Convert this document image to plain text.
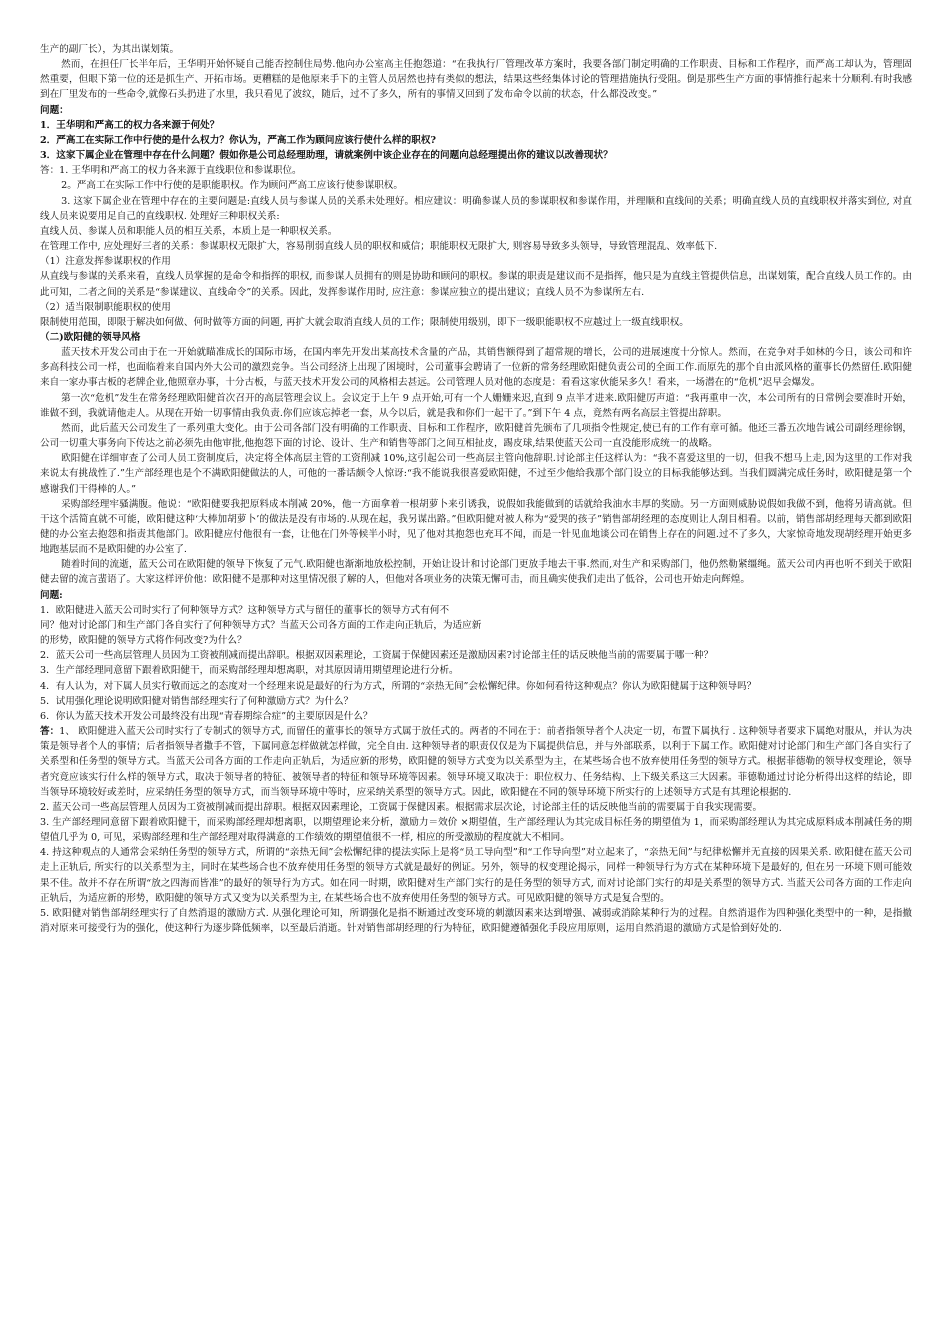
生产的副厂长），为其出谋划策。

然而，在担任厂长半年后，王华明开始怀疑自己能否控制住局势.他向办公室高主任抱怨道：“在我执行厂管理改革方案时，我要各部门制定明确的工作职责、目标和工作程序，而严高工却认为，管理固然重要，但眼下第一位的还是抓生产、开拓市场。更糟糕的是他原来手下的主管人员居然也持有类似的想法，结果这些经集体讨论的管理措施执行受阻。倒是那些生产方面的事情推行起来十分顺利.有时我感到在厂里发布的一些命令,就像石头扔进了水里，我只看见了波纹，随后，过不了多久，所有的事情又回到了发布命令以前的状态，什么都没改变。”

问题：

1．王华明和严高工的权力各来源于何处？

2．严高工在实际工作中行使的是什么权力？你认为，严高工作为顾问应该行使什么样的职权?

3．这家下属企业在管理中存在什么问题？假如你是公司总经理助理，请就案例中该企业存在的问题向总经理提出你的建议以改善现状？

答：1. 王华明和严高工的权力各来源于直线职位和参谋职位。

2。严高工在实际工作中行使的是职能职权。作为顾问严高工应该行使参谋职权。

3. 这家下属企业在管理中存在的主要问题是:直线人员与参谋人员的关系未处理好。相应建议：明确参谋人员的参谋职权和参谋作用，并理顺和直线间的关系；明确直线人员的直线职权并落实到位, 对直线人员来说要用足自己的直线职权. 处理好三种职权关系:

直线人员、参谋人员和职能人员的相互关系，本质上是一种职权关系。

在管理工作中, 应处理好三者的关系：参谋职权无限扩大，容易削弱直线人员的职权和威信；职能职权无限扩大, 则容易导致多头领导，导致管理混乱、效率低下.

（1）注意发挥参谋职权的作用

从直线与参谋的关系来看，直线人员掌握的是命令和指挥的职权, 而参谋人员拥有的则是协助和顾问的职权。参谋的职责是建议而不是指挥，他只是为直线主管提供信息，出谋划策，配合直线人员工作的。由此可知，二者之间的关系是“参谋建议、直线命令”的关系。因此，发挥参谋作用时, 应注意：参谋应独立的提出建议；直线人员不为参谋所左右.

（2）适当限制职能职权的使用

限制使用范围，即限于解决如何做、何时做等方面的问题, 再扩大就会取消直线人员的工作；限制使用级别，即下一级职能职权不应越过上一级直线职权。

（二)欧阳健的领导风格

蓝天技术开发公司由于在一开始就瞄准成长的国际市场，在国内率先开发出某高技术含量的产品，其销售额得到了超常规的增长，公司的进展速度十分惊人。然而，在竞争对手如林的今日，该公司和许多高科技公司一样，也面临着来自国内外大公司的激烈竞争。当公司经济上出现了困境时，公司董事会聘请了一位新的常务经理欧阳健负责公司的全面工作.而原先的那个自由派风格的董事长仍然留任.欧阳健来自一家办事古板的老牌企业,他照章办事，十分古板，与蓝天技术开发公司的风格相去甚远。公司管理人员对他的态度是：看看这家伙能呆多久！看来，一场潜在的“危机”迟早会爆发。

第一次“危机”发生在常务经理欧阳健首次召开的高层管理会议上。会议定于上午 9 点开始,可有一个人姗姗来迟,直到 9 点半才进来.欧阳健厉声道：“我再重申一次，本公司所有的日常例会要准时开始，谁做不到，我就请他走人。从现在开始一切事情由我负责.你们应该忘掉老一套，从今以后，就是我和你们一起干了。”到下午 4 点，竟然有两名高层主管提出辞职。

然而，此后蓝天公司发生了一系列重大变化。由于公司各部门没有明确的工作职责、目标和工作程序，欧阳健首先颁布了几项指令性规定,使已有的工作有章可循。他还三番五次地告诫公司副经理徐钢，公司一切重大事务向下传达之前必须先由他审批,他抱怨下面的讨论、设计、生产和销售等部门之间互相扯皮，踢皮球,结果使蓝天公司一直没能形成统一的战略。

欧阳健在详细审查了公司人员工资制度后，决定将全体高层主管的工资削减 10%,这引起公司一些高层主管向他辞职.讨论部主任这样认为：“我不喜爱这里的一切，但我不想马上走,因为这里的工作对我来说太有挑战性了.”生产部经理也是个不满欧阳健做法的人，可他的一番话颇令人惊讶:“我不能说我很喜爱欧阳健，不过至少他给我那个部门设立的目标我能够达到。当我们圆满完成任务时，欧阳健是第一个感谢我们干得棒的人。”

采购部经理牢骚满腹。他说：“欧阳健要我把原料成本削减 20%，他一方面拿着一根胡萝卜来引诱我，说假如我能做到的话就给我油水丰厚的奖励。另一方面则威胁说假如我做不到，他将另请高就。但干这个活简直就不可能，欧阳健这种‘大棒加胡萝卜’的做法是没有市场的.从现在起，我另谋出路。”但欧阳健对被人称为“爱哭的孩子”销售部胡经理的态度则让人刮目相看。以前，销售部胡经理每天都到欧阳健的办公室去抱怨和指责其他部门。欧阳健应付他很有一套，让他在门外等候半小时，见了他对其抱怨也充耳不闻，而是一针见血地谈公司在销售上存在的问题.过不了多久，大家惊奇地发现胡经理开始更多地跑基层而不是欧阳健的办公室了.

随着时间的流逝，蓝天公司在欧阳健的领导下恢复了元气.欧阳健也渐渐地放松控制，开始让设计和讨论部门更放手地去干事.然而,对生产和采购部门，他仍然勒紧缰绳。蓝天公司内再也听不到关于欧阳健去留的流言蜚语了。大家这样评价他：欧阳健不是那种对这里情况很了解的人，但他对各项业务的决策无懈可击，而且确实使我们走出了低谷，公司也开始走向辉煌。

问题:

1．欧阳健进入蓝天公司时实行了何种领导方式？这种领导方式与留任的董事长的领导方式有何不

同？他对讨论部门和生产部门各自实行了何种领导方式？当蓝天公司各方面的工作走向正轨后，为适应新

的形势，欧阳健的领导方式将作何改变?为什么？

2．蓝天公司一些高层管理人员因为工资被削减而提出辞职。根据双因素理论，工资属于保健因素还是激励因素?讨论部主任的话反映他当前的需要属于哪一种？

3．生产部经理同意留下跟着欧阳健干，而采购部经理却想离职，对其原因请用期望理论进行分析。

4．有人认为，对下属人员实行敬而远之的态度对一个经理来说是最好的行为方式，所谓的“亲热无间”会松懈纪律。你如何看待这种观点？你认为欧阳健属于这种领导吗？

5．试用强化理论说明欧阳健对销售部经理实行了何种激励方式？为什么？

6．你认为蓝天技术开发公司最终没有出现“青春期综合症”的主要原因是什么？

答：1、 欧阳健进入蓝天公司时实行了专制式的领导方式, 而留任的董事长的领导方式属于放任式的。两者的不同在于：前者指领导者个人决定一切，布置下属执行 . 这种领导者要求下属绝对服从，并认为决策是领导者个人的事情；后者指领导者撒手不管，下属同意怎样做就怎样做，完全自由. 这种领导者的职责仅仅是为下属提供信息，并与外部联系，以利于下属工作。欧阳健对讨论部门和生产部门各自实行了关系型和任务型的领导方式。当蓝天公司各方面的工作走向正轨后，为适应新的形势，欧阳健的领导方式变为以关系型为主，在某些场合也不放弃使用任务型的领导方式。根据菲德勒的领导权变理论，领导者究竟应该实行什么样的领导方式，取决于领导者的特征、被领导者的特征和领导环境等因素。领导环境又取决于：职位权力、任务结构、上下级关系这三大因素。菲德勒通过讨论分析得出这样的结论，即当领导环境较好或差时，应采纳任务型的领导方式，而当领导环境中等时，应采纳关系型的领导方式。因此，欧阳健在不同的领导环境下所实行的上述领导方式是有其理论根据的.

2. 蓝天公司一些高层管理人员因为工资被削减而提出辞职。根据双因素理论，工资属于保健因素。根据需求层次论，讨论部主任的话反映他当前的需要属于自我实现需要。

3. 生产部经理同意留下跟着欧阳健干，而采购部经理却想离职，以期望理论来分析，激励力＝效价 ×期望值，生产部经理认为其完成目标任务的期望值为 1，而采购部经理认为其完成原料成本削减任务的期望值几乎为 0, 可见，采购部经理和生产部经理对取得满意的工作绩效的期望值很不一样, 相应的所受激励的程度就大不相同。

4. 持这种观点的人通常会采纳任务型的领导方式，所谓的“亲热无间”会松懈纪律的提法实际上是将“员工导向型”和“工作导向型”对立起来了，“亲热无间”与纪律松懈并无直接的因果关系. 欧阳健在蓝天公司走上正轨后, 所实行的以关系型为主，同时在某些场合也不放弃使用任务型的领导方式就是最好的例证。另外，领导的权变理论揭示，同样一种领导行为方式在某种环境下是最好的, 但在另一环境下则可能效果不佳。故并不存在所谓“放之四海而皆准”的最好的领导行为方式。如在同一时期，欧阳健对生产部门实行的是任务型的领导方式, 而对讨论部门实行的却是关系型的领导方式. 当蓝天公司各方面的工作走向正轨后，为适应新的形势，欧阳健的领导方式又变为以关系型为主, 在某些场合也不放弃使用任务型的领导方式。可见欧阳健的领导方式是复合型的。

5. 欧阳健对销售部胡经理实行了自然消退的激励方式. 从强化理论可知，所谓强化是指不断通过改变环境的刺激因素来达到增强、减弱或消除某种行为的过程。自然消退作为四种强化类型中的一种，是指撤消对原来可接受行为的强化，使这种行为逐步降低频率，以至最后消逝。针对销售部胡经理的行为特征，欧阳健遵循强化手段应用原则，运用自然消退的激励方式是恰到好处的.
